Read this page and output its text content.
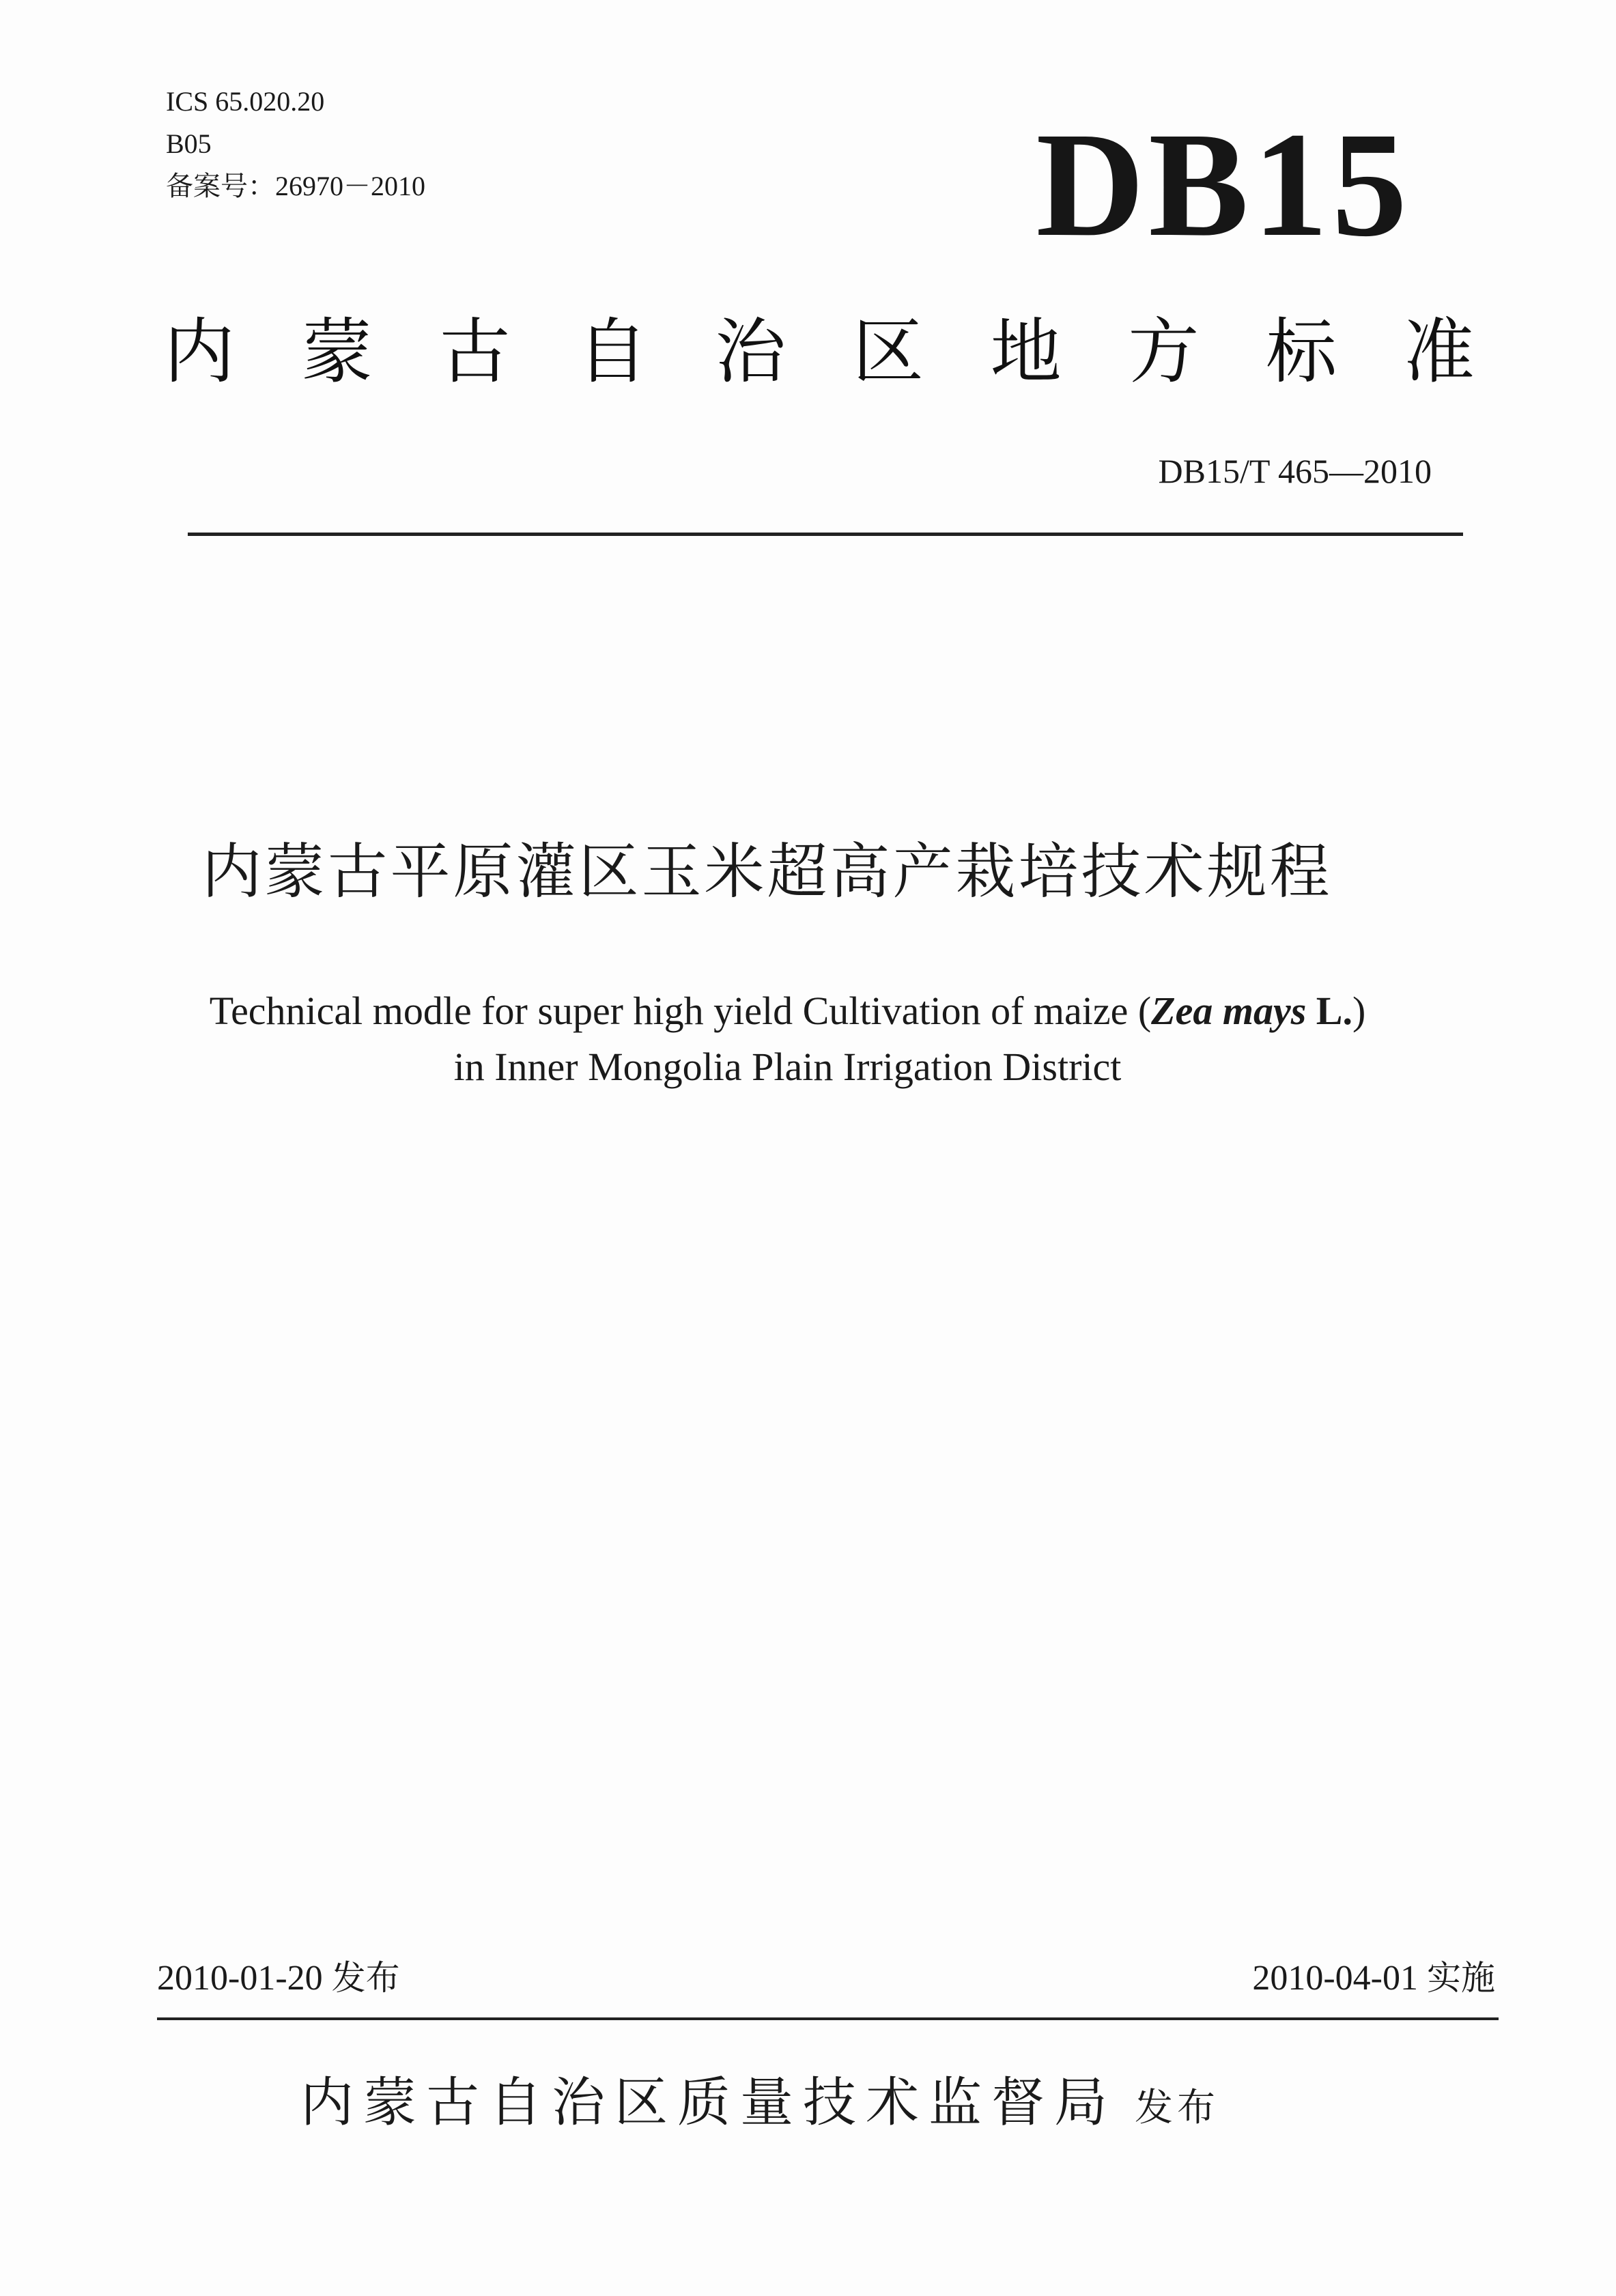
ICS 65.020.20
B05
备案号：26970－2010	DB15
内 蒙 古 自 治 区 地 方 标 准
DB15/T 465—2010
内蒙古平原灌区玉米超高产栽培技术规程
Technical modle for super high yield Cultivation of maize (Zea mays L.)
in Inner Mongolia Plain Irrigation District
2010-01-20 发布	2010-04-01 实施
内蒙古自治区质量技术监督局 发布
